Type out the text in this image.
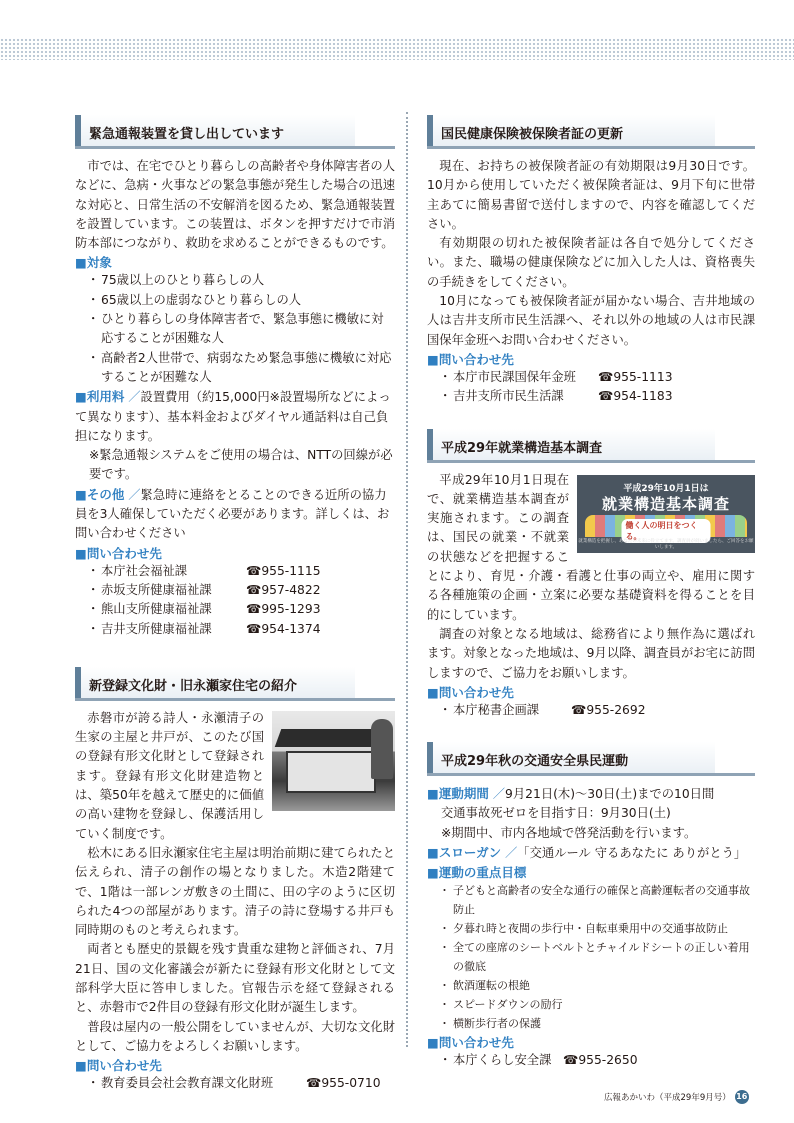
緊急通報装置を貸し出しています

市では、在宅でひとり暮らしの高齢者や身体障害者の人などに、急病・火事などの緊急事態が発生した場合の迅速な対応と、日常生活の不安解消を図るため、緊急通報装置を設置しています。この装置は、ボタンを押すだけで市消防本部につながり、救助を求めることができるものです。

■ 対象
・ 75歳以上のひとり暮らしの人
・ 65歳以上の虚弱なひとり暮らしの人
・ ひとり暮らしの身体障害者で、緊急事態に機敏に対応することが困難な人
・ 高齢者2人世帯で、病弱なため緊急事態に機敏に対応することが困難な人
■ 利用料 ／設置費用（約15,000円※設置場所などによって異なります）、基本料金およびダイヤル通話料は自己負担になります。
※緊急通報システムをご使用の場合は、NTTの回線が必要です。
■ その他 ／緊急時に連絡をとることのできる近所の協力員を3人確保していただく必要があります。詳しくは、お問い合わせください
■ 問い合わせ先
・ 本庁社会福祉課	☎955-1115
・ 赤坂支所健康福祉課	☎957-4822
・ 熊山支所健康福祉課	☎995-1293
・ 吉井支所健康福祉課	☎954-1374
新登録文化財・旧永瀬家住宅の紹介

赤磐市が誇る詩人・永瀬清子の生家の主屋と井戸が、このたび国の登録有形文化財として登録されます。登録有形文化財建造物とは、築50年を越えて歴史的に価値の高い建物を登録し、保護活用していく制度です。

松木にある旧永瀬家住宅主屋は明治前期に建てられたと伝えられ、清子の創作の場となりました。木造2階建てで、1階は一部レンガ敷きの土間に、田の字のように区切られた4つの部屋があります。清子の詩に登場する井戸も同時期のものと考えられます。

両者とも歴史的景観を残す貴重な建物と評価され、7月21日、国の文化審議会が新たに登録有形文化財として文部科学大臣に答申しました。官報告示を経て登録されると、赤磐市で2件目の登録有形文化財が誕生します。

普段は屋内の一般公開をしていませんが、大切な文化財として、ご協力をよろしくお願いします。

■ 問い合わせ先
・ 教育委員会社会教育課文化財班	☎955-0710
国民健康保険被保険者証の更新

現在、お持ちの被保険者証の有効期限は9月30日です。10月から使用していただく被保険者証は、9月下旬に世帯主あてに簡易書留で送付しますので、内容を確認してください。

有効期限の切れた被保険者証は各自で処分してください。また、職場の健康保険などに加入した人は、資格喪失の手続きをしてください。

10月になっても被保険者証が届かない場合、吉井地域の人は吉井支所市民生活課へ、それ以外の地域の人は市民課国保年金班へお問い合わせください。

■ 問い合わせ先
・ 本庁市民課国保年金班	☎955-1113
・ 吉井支所市民生活課	☎954-1183
平成29年就業構造基本調査
平成29年10月1日は
就業構造基本調査
働く人の明日をつくる。
就業構造を把握し、あなたの未来に役立てます。調査員が伺いましたら、ご回答をお願いします。

平成29年10月1日現在で、就業構造基本調査が実施されます。この調査は、国民の就業・不就業の状態などを把握することにより、育児・介護・看護と仕事の両立や、雇用に関する各種施策の企画・立案に必要な基礎資料を得ることを目的にしています。

調査の対象となる地域は、総務省により無作為に選ばれます。対象となった地域は、9月以降、調査員がお宅に訪問しますので、ご協力をお願いします。

■ 問い合わせ先
・ 本庁秘書企画課	☎955-2692
平成29年秋の交通安全県民運動
■ 運動期間 ／9月21日(木)～30日(土)までの10日間
交通事故死ゼロを目指す日：9月30日(土)
※期間中、市内各地域で啓発活動を行います。
■ スローガン ／「交通ルール 守るあなたに ありがとう」
■ 運動の重点目標
・ 子どもと高齢者の安全な通行の確保と高齢運転者の交通事故防止
・ 夕暮れ時と夜間の歩行中・自転車乗用中の交通事故防止
・ 全ての座席のシートベルトとチャイルドシートの正しい着用の徹底
・ 飲酒運転の根絶
・ スピードダウンの励行
・ 横断歩行者の保護
■ 問い合わせ先
・ 本庁くらし安全課 ☎955-2650
広報あかいわ（平成29年9月号） 16
